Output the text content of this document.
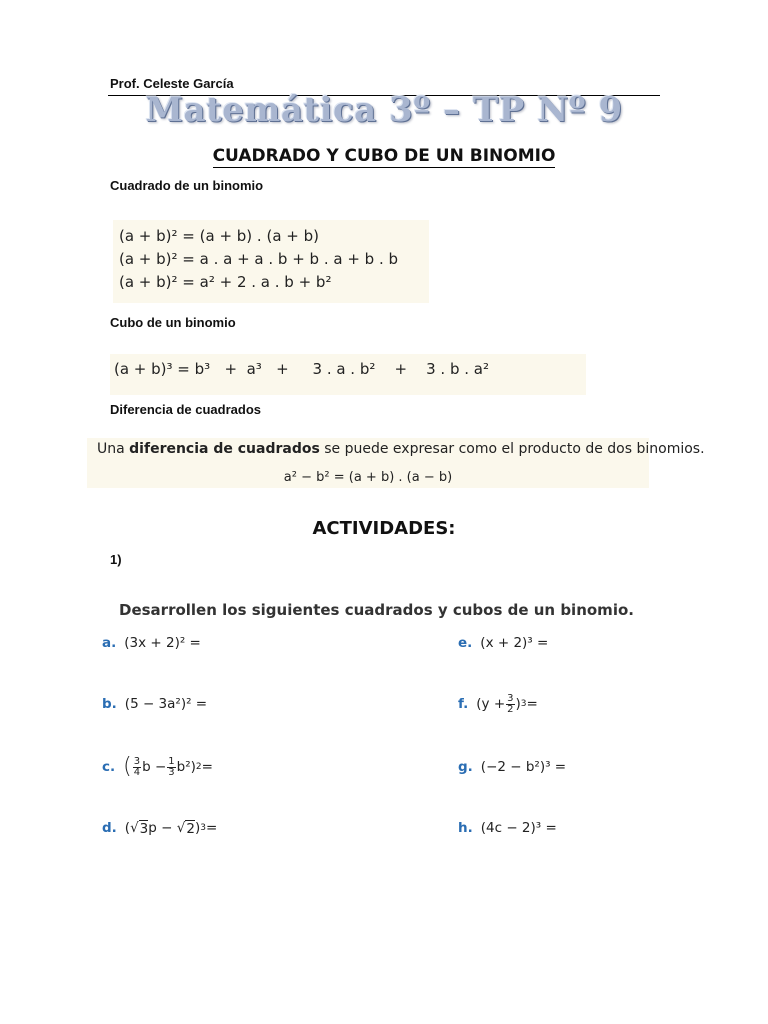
Prof. Celeste García
Matemática 3º – TP Nº 9
CUADRADO Y CUBO DE UN BINOMIO
Cuadrado de un binomio
(a + b)² = (a + b) . (a + b)
(a + b)² = a . a + a . b + b . a + b . b
(a + b)² = a² + 2 . a . b + b²
Cubo de un binomio
(a + b)³ = b³   +  a³   +     3 . a . b²    +    3 . b . a²
Diferencia de cuadrados
Una diferencia de cuadrados se puede expresar como el producto de dos binomios.
a² − b² = (a + b) . (a − b)
ACTIVIDADES:
1)
Desarrollen los siguientes cuadrados y cubos de un binomio.
a. (3x + 2)² =
b. (5 − 3a²)² =
c. ( $\frac{3}{4}$ $b - \frac{1}{3} b^2$) 2 =
d. (√ 3 p − √ 2 ) 3 =
e. (x + 2)³ =
f. ($y + \frac{3}{2}$ ) 3 =
g. (−2 − b²)³ =
h. (4c − 2)³ =
